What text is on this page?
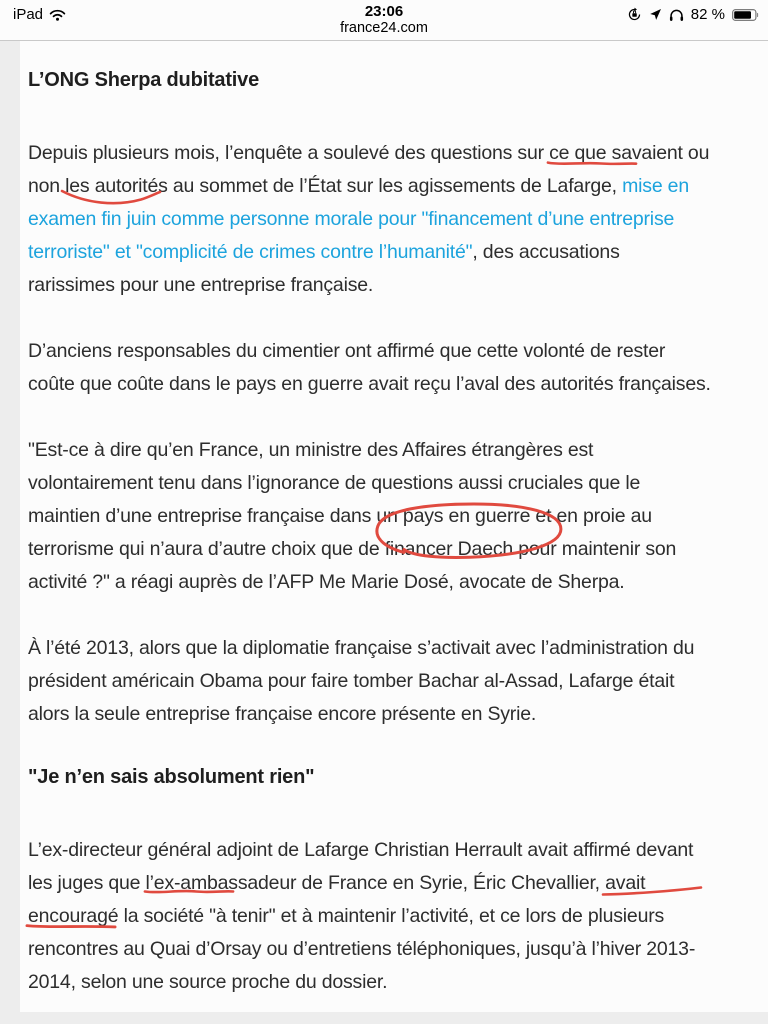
iPad	23:06
france24.com
82 %
L’ONG Sherpa dubitative
Depuis plusieurs mois, l’enquête a soulevé des questions sur ce que savaient ou
non les autorités au sommet de l’État sur les
agissements de Lafarge, mise en
examen fin juin comme personne morale pour "financement d’une entreprise
terroriste" et "complicité de crimes contre l’humanité", des accusations
rarissimes pour une entreprise française.
D’anciens responsables du cimentier ont affirmé que cette volonté de rester
coûte que coûte dans le pays en guerre avait reçu l’aval des autorités françaises.
"Est-ce à dire qu’en France, un ministre des Affaires étrangères est
volontairement tenu dans l’ignorance de questions aussi cruciales que le
maintien d’une entreprise française dans un pays en guerre et en proie au
terrorisme qui n’aura d’autre choix que de financer Daech pour
maintenir son
activité ?" a réagi auprès de l’AFP Me Marie Dosé, avocate de Sherpa.
À l’été 2013, alors que la diplomatie française s’activait avec l’administration du
président américain Obama pour faire tomber Bachar al-Assad, Lafarge était
alors la seule entreprise française encore présente en Syrie.
"Je n’en sais absolument rien"
L’ex-directeur général adjoint de Lafarge Christian Herrault avait affirmé devant
les juges que l’ex-ambassadeur de France en Syrie
, Éric Chevallier, avait
encouragé
la société "à tenir" et à maintenir l’activité, et ce lors de plusieurs
rencontres au Quai d’Orsay ou d’entretiens téléphoniques, jusqu’à l’hiver 2013-
2014, selon une source proche du dossier.
